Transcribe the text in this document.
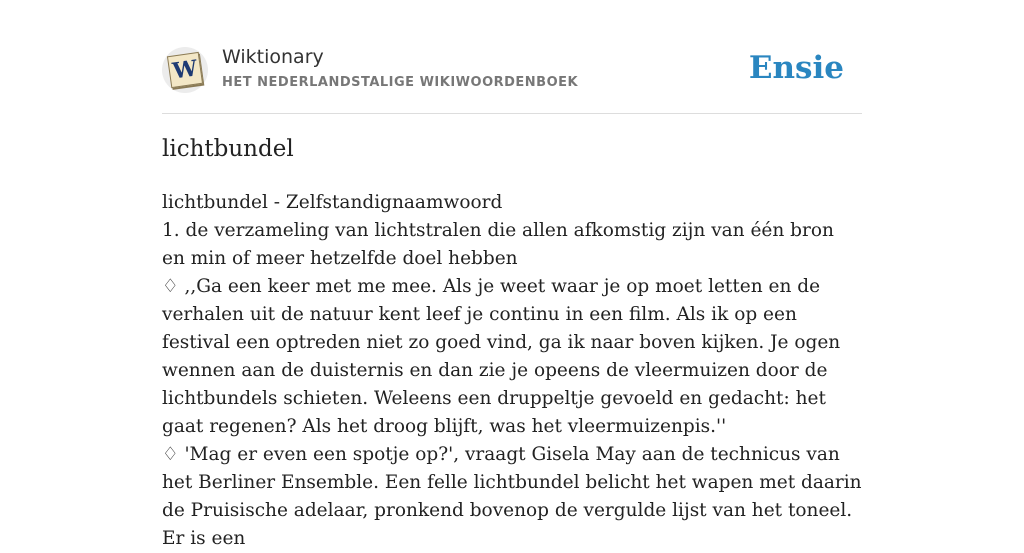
W Wiktionary
HET NEDERLANDSTALIGE WIKIWOORDENBOEK	Ensie
lichtbundel

lichtbundel - Zelfstandignaamwoord

1. de verzameling van lichtstralen die allen afkomstig zijn van één bron en min of meer hetzelfde doel hebben

♢ ,,Ga een keer met me mee. Als je weet waar je op moet letten en de verhalen uit de natuur kent leef je continu in een film. Als ik op een festival een optreden niet zo goed vind, ga ik naar boven kijken. Je ogen wennen aan de duisternis en dan zie je opeens de vleermuizen door de lichtbundels schieten. Weleens een druppeltje gevoeld en gedacht: het gaat regenen? Als het droog blijft, was het vleermuizenpis.''

♢ 'Mag er even een spotje op?', vraagt Gisela May aan de technicus van het Berliner Ensemble. Een felle lichtbundel belicht het wapen met daarin de Pruisische adelaar, pronkend bovenop de vergulde lijst van het toneel. Er is een
